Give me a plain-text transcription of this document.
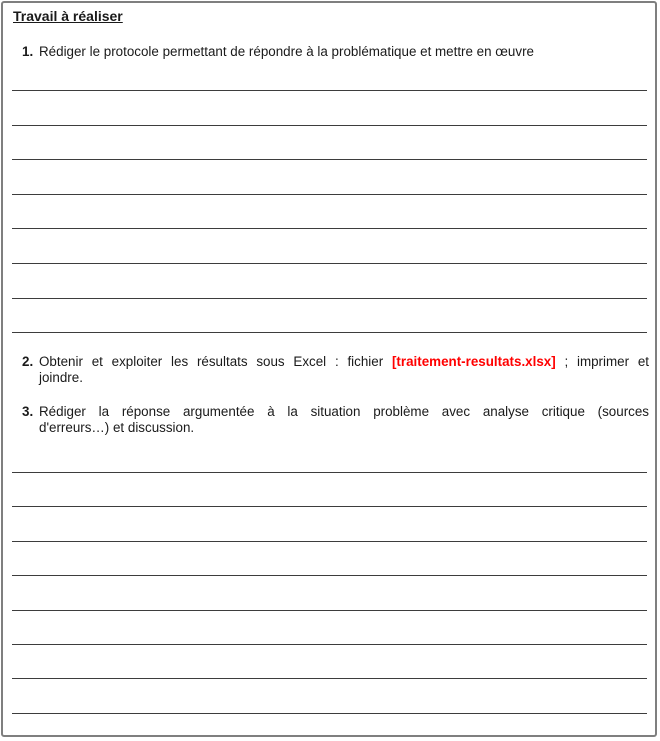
Travail à réaliser
1. Rédiger le protocole permettant de répondre à la problématique et mettre en œuvre
2. Obtenir et exploiter les résultats sous Excel : fichier [traitement-resultats.xlsx] ; imprimer et
joindre.
3. Rédiger la réponse argumentée à la situation problème avec analyse critique (sources
d'erreurs…) et discussion.
